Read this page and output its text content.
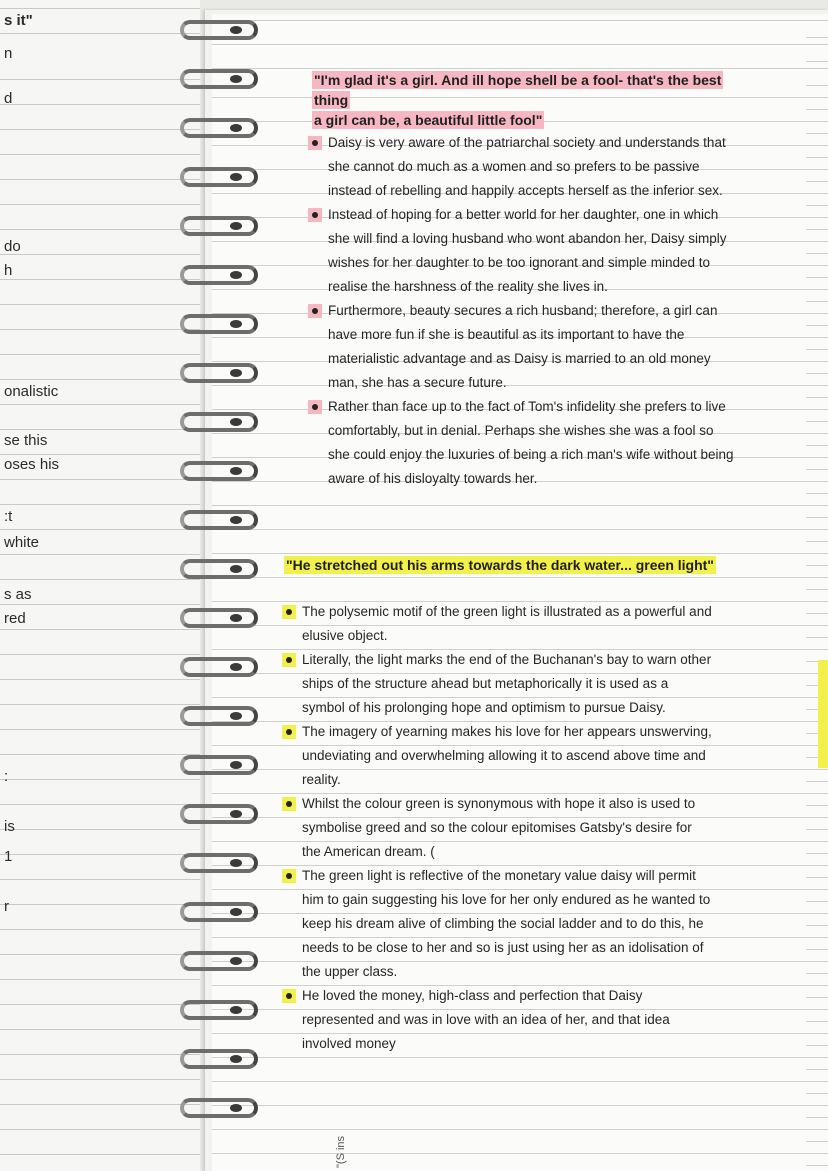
s it"
n
d
do
h
onalistic
se this
oses his
:t
white
s as
red
:
is
1
r
"I'm glad it's a girl. And ill hope shell be a fool- that's the best thing
a girl can be, a beautiful little fool"
Daisy is very aware of the patriarchal society and understands that she cannot do much as a women and so prefers to be passive instead of rebelling and happily accepts herself as the inferior sex.
Instead of hoping for a better world for her daughter, one in which she will find a loving husband who wont abandon her, Daisy simply wishes for her daughter to be too ignorant and simple minded to realise the harshness of the reality she lives in.
Furthermore, beauty secures a rich husband; therefore, a girl can have more fun if she is beautiful as its important to have the materialistic advantage and as Daisy is married to an old money man, she has a secure future.
Rather than face up to the fact of Tom's infidelity she prefers to live comfortably, but in denial. Perhaps she wishes she was a fool so she could enjoy the luxuries of being a rich man's wife without being aware of his disloyalty towards her.
"He stretched out his arms towards the dark water... green light"
The polysemic motif of the green light is illustrated as a powerful and elusive object.
Literally, the light marks the end of the Buchanan's bay to warn other ships of the structure ahead but metaphorically it is used as a symbol of his prolonging hope and optimism to pursue Daisy.
The imagery of yearning makes his love for her appears unswerving, undeviating and overwhelming allowing it to ascend above time and reality.
Whilst the colour green is synonymous with hope it also is used to symbolise greed and so the colour epitomises Gatsby's desire for the American dream. (
The green light is reflective of the monetary value daisy will permit him to gain suggesting his love for her only endured as he wanted to keep his dream alive of climbing the social ladder and to do this, he needs to be close to her and so is just using her as an idolisation of the upper class.
He loved the money, high-class and perfection that Daisy represented and was in love with an idea of her, and that idea involved money
"(S ins
